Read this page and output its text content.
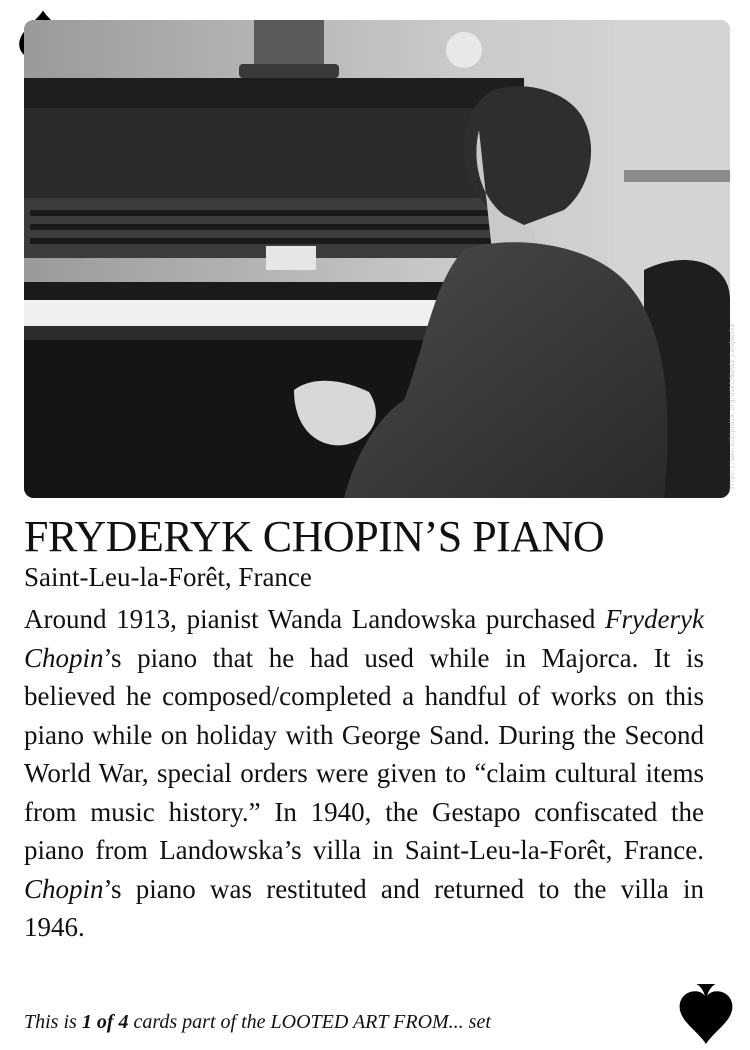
https://www.wikipedia.org/wiki/Wanda_Landowska
FRYDERYK CHOPIN’S PIANO

Saint-Leu-la-Forêt, France

Around 1913, pianist Wanda Landowska purchased Fryderyk Chopin’s piano that he had used while in Majorca. It is believed he composed/completed a handful of works on this piano while on holiday with George Sand. During the Second World War, special orders were given to “claim cultural items from music history.” In 1940, the Gestapo confiscated the piano from Landowska’s villa in Saint-Leu-la-Forêt, France. Chopin’s piano was restituted and returned to the villa in 1946.

This is 1 of 4 cards part of the LOOTED ART FROM... set
